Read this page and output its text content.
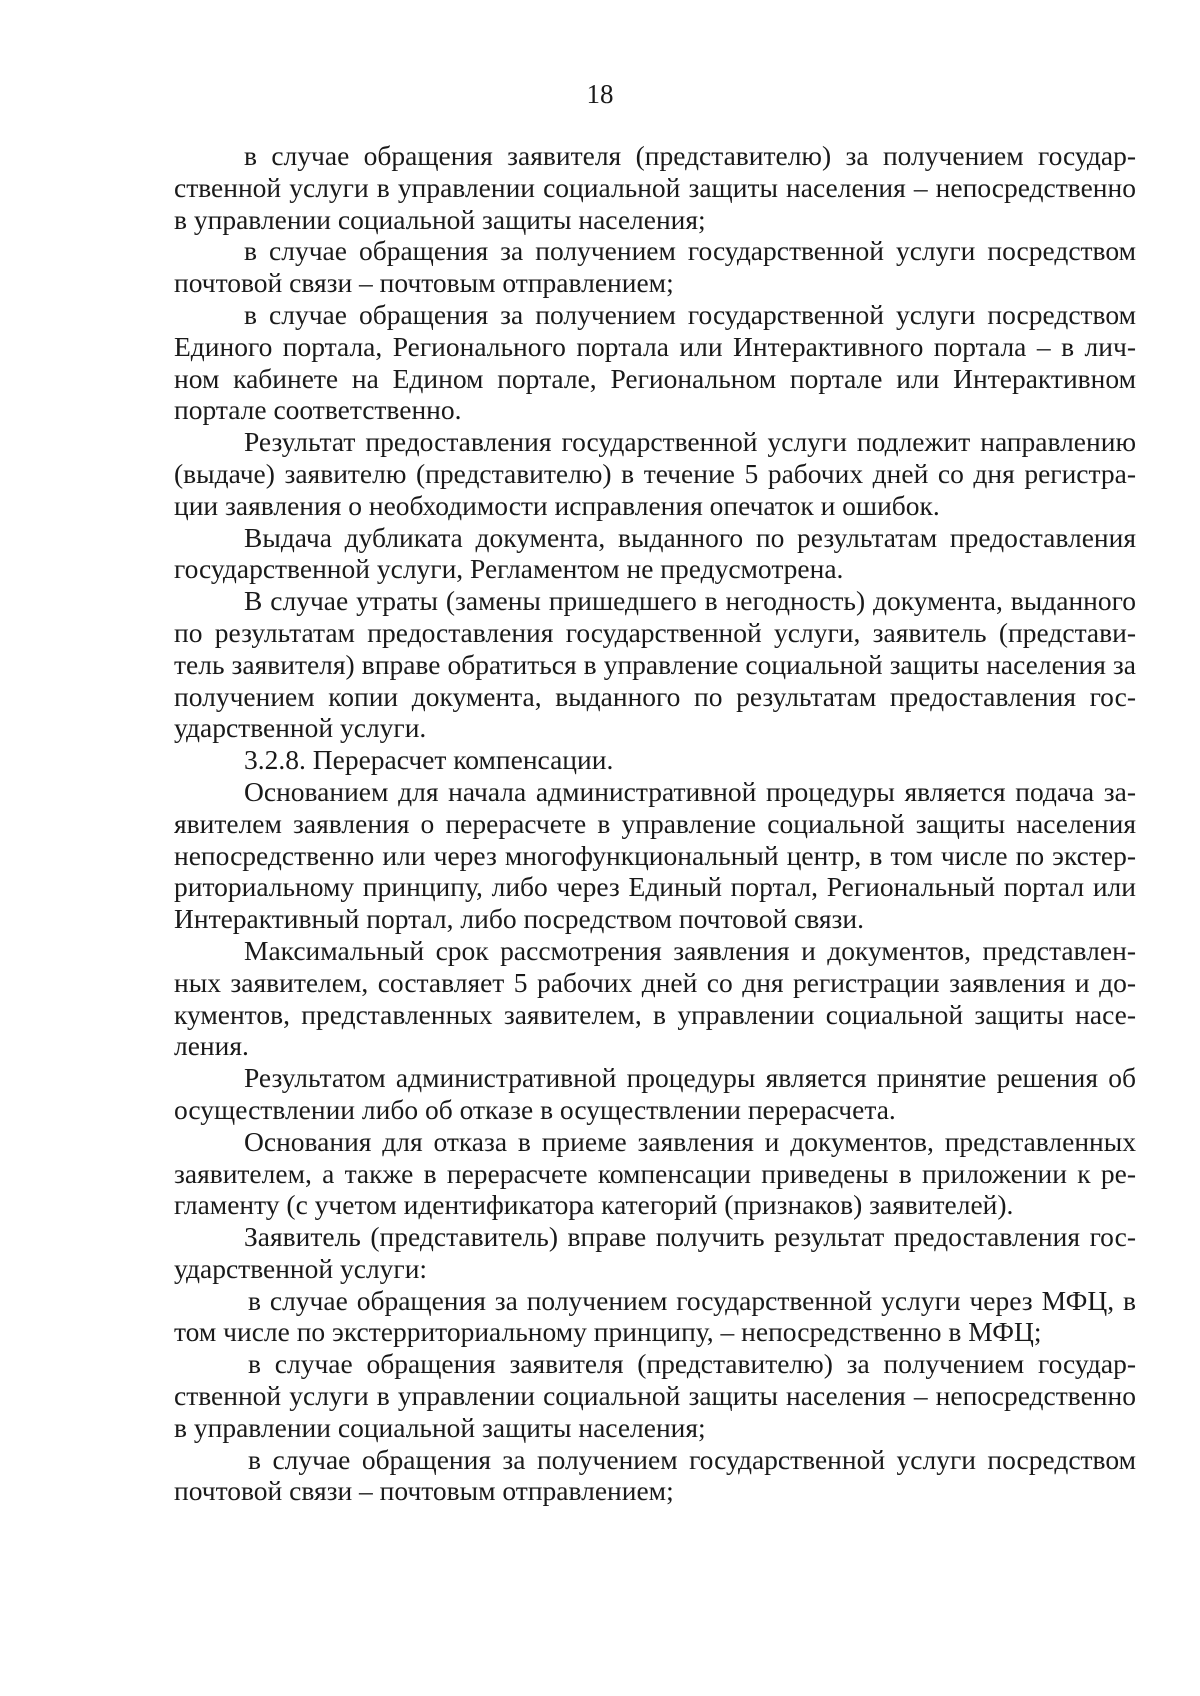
18

в случае обращения заявителя (представителю) за получением государственной услуги в управлении социальной защиты населения – непосредственно в управлении социальной защиты населения;

в случае обращения за получением государственной услуги посредством почтовой связи – почтовым отправлением;

в случае обращения за получением государственной услуги посредством Единого портала, Регионального портала или Интерактивного портала – в личном кабинете на Едином портале, Региональном портале или Интерактивном портале соответственно.

Результат предоставления государственной услуги подлежит направлению (выдаче) заявителю (представителю) в течение 5 рабочих дней со дня регистрации заявления о необходимости исправления опечаток и ошибок.

Выдача дубликата документа, выданного по результатам предоставления государственной услуги, Регламентом не предусмотрена.

В случае утраты (замены пришедшего в негодность) документа, выданного по результатам предоставления государственной услуги, заявитель (представитель заявителя) вправе обратиться в управление социальной защиты населения за получением копии документа, выданного по результатам предоставления государственной услуги.

3.2.8. Перерасчет компенсации.

Основанием для начала административной процедуры является подача заявителем заявления о перерасчете в управление социальной защиты населения непосредственно или через многофункциональный центр, в том числе по экстерриториальному принципу, либо через Единый портал, Региональный портал или Интерактивный портал, либо посредством почтовой связи.

Максимальный срок рассмотрения заявления и документов, представленных заявителем, составляет 5 рабочих дней со дня регистрации заявления и документов, представленных заявителем, в управлении социальной защиты населения.

Результатом административной процедуры является принятие решения об осуществлении либо об отказе в осуществлении перерасчета.

Основания для отказа в приеме заявления и документов, представленных заявителем, а также в перерасчете компенсации приведены в приложении к регламенту (с учетом идентификатора категорий (признаков) заявителей).

Заявитель (представитель) вправе получить результат предоставления государственной услуги:

в случае обращения за получением государственной услуги через МФЦ, в том числе по экстерриториальному принципу, – непосредственно в МФЦ;

в случае обращения заявителя (представителю) за получением государственной услуги в управлении социальной защиты населения – непосредственно в управлении социальной защиты населения;

в случае обращения за получением государственной услуги посредством почтовой связи – почтовым отправлением;
